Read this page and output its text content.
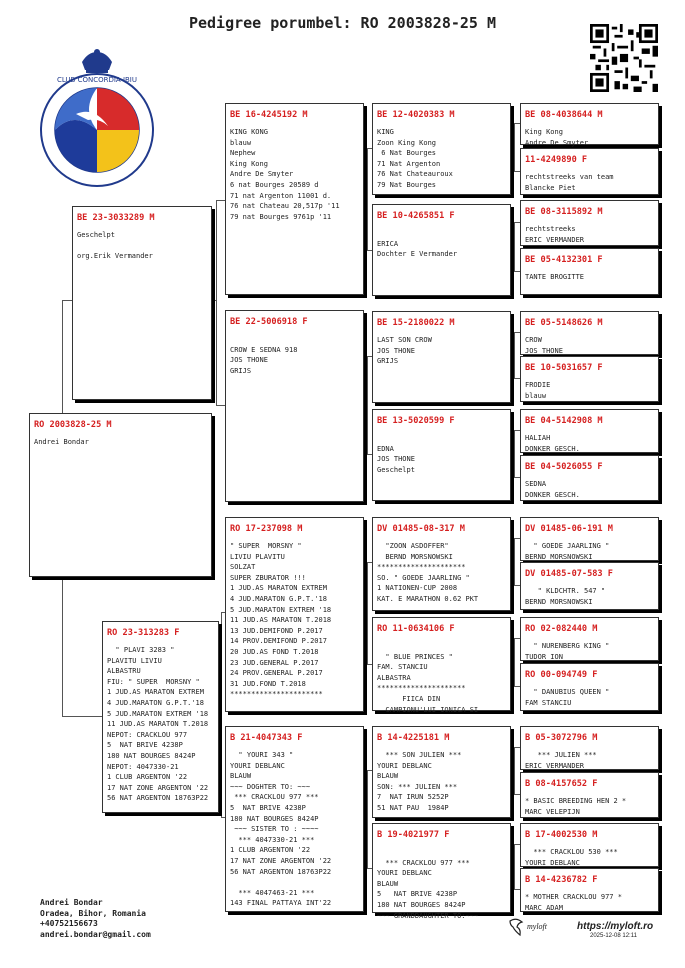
Pedigree porumbel: RO 2003828-25 M
CLUB CONCORDIA IBIU
RO 2003828-25 M
Andrei Bondar
BE 23-3033289 M
Geschelpt

org.Erik Vermander
RO 23-313283 F
" PLAVI 3283 "
PLAVITU LIVIU
ALBASTRU
FIU: " SUPER  MORSNY "
1 JUD.AS MARATON EXTREM
4 JUD.MARATON G.P.T.'18
5 JUD.MARATON EXTREM '18
11 JUD.AS MARATON T.2018
NEPOT: CRACKLOU 977
5  NAT BRIVE 4238P
180 NAT BOURGES 8424P
NEPOT: 4047330-21
1 CLUB ARGENTON '22
17 NAT ZONE ARGENTON '22
56 NAT ARGENTON 18763P22
BE 16-4245192 M
KING KONG
blauw
Nephew
King Kong
Andre De Smyter
6 nat Bourges 20589 d
71 nat Argenton 11001 d.
76 nat Chateau 20,517p '11
79 nat Bourges 9761p '11
BE 22-5006918 F

CROW E SEDNA 918
JOS THONE
GRIJS
RO 17-237098 M
" SUPER  MORSNY "
LIVIU PLAVITU
SOLZAT
SUPER ZBURATOR !!!
1 JUD.AS MARATON EXTREM
4 JUD.MARATON G.P.T.'18
5 JUD.MARATON EXTREM '18
11 JUD.AS MARATON T.2018
13 JUD.DEMIFOND P.2017
14 PROV.DEMIFOND P.2017
20 JUD.AS FOND T.2018
23 JUD.GENERAL P.2017
24 PROV.GENERAL P.2017
31 JUD.FOND T.2018
**********************
B 21-4047343 F
" YOURI 343 "
YOURI DEBLANC
BLAUW
~~~ DOGHTER TO: ~~~
*** CRACKLOU 977 ***
5  NAT BRIVE 4238P
180 NAT BOURGES 8424P
~~~ SISTER TO : ~~~~
*** 4047330-21 ***
1 CLUB ARGENTON '22
17 NAT ZONE ARGENTON '22
56 NAT ARGENTON 18763P22

*** 4047463-21 ***
143 FINAL PATTAYA INT'22
BE 12-4020383 M
KING
Zoon King Kong
6 Nat Bourges
71 Nat Argenton
76 Nat Chateauroux
79 Nat Bourges
BE 10-4265851 F

ERICA
Dochter E Vermander
BE 15-2180022 M
LAST SON CROW
JOS THONE
GRIJS
BE 13-5020599 F

EDNA
JOS THONE
Geschelpt
DV 01485-08-317 M
"ZOON ASDOFFER"
BERND MORSNOWSKI
*********************
SO. " GOEDE JAARLING "
1 NATIONEN-CUP 2008
KAT. E MARATHON 0.62 PKT
RO 11-0634106 F

" BLUE PRINCES "
FAM. STANCIU
ALBASTRA
*********************
FIICA DIN
CAMPIONU'LUI IONICA SI
B 14-4225181 M
*** SON JULIEN ***
YOURI DEBLANC
BLAUW
SON: *** JULIEN ***
7  NAT IRUN 5252P
51 NAT PAU  1984P
B 19-4021977 F

*** CRACKLOU 977 ***
YOURI DEBLANC
BLAUW
5   NAT BRIVE 4238P
180 NAT BOURGES 8424P
~~~ GRANDDAUGHTER TO:~~~
BE 08-4038644 M
King Kong
Andre De Smyter
11-4249890 F
rechtstreeks van team
Blancke Piet
BE 08-3115892 M
rechtstreeks
ERIC VERMANDER
BE 05-4132301 F
TANTE BROGITTE
BE 05-5148626 M
CROW
JOS THONE
BE 10-5031657 F
FRODIE
blauw
BE 04-5142908 M
HALIAH
DONKER GESCH.
BE 04-5026055 F
SEDNA
DONKER GESCH.
DV 01485-06-191 M
" GOEDE JAARLING "
BERND MORSNOWSKI
DV 01485-07-583 F
" KLDCHTR. 547 "
BERND MORSNOWSKI
RO 02-082440 M
" NURENBERG KING "
TUDOR ION
RO 00-094749 F
" DANUBIUS QUEEN "
FAM STANCIU
B 05-3072796 M
*** JULIEN ***
ERIC VERMANDER
B 08-4157652 F
* BASIC BREEDING HEN 2 *
MARC VELEPIJN
B 17-4002530 M
*** CRACKLOU 530 ***
YOURI DEBLANC
B 14-4236782 F
* MOTHER CRACKLOU 977 *
MARC ADAM
Andrei Bondar
Oradea, Bihor, Romania
+40752156673
andrei.bondar@gmail.com
myloft	https://myloft.ro
2025-12-08 12:11
